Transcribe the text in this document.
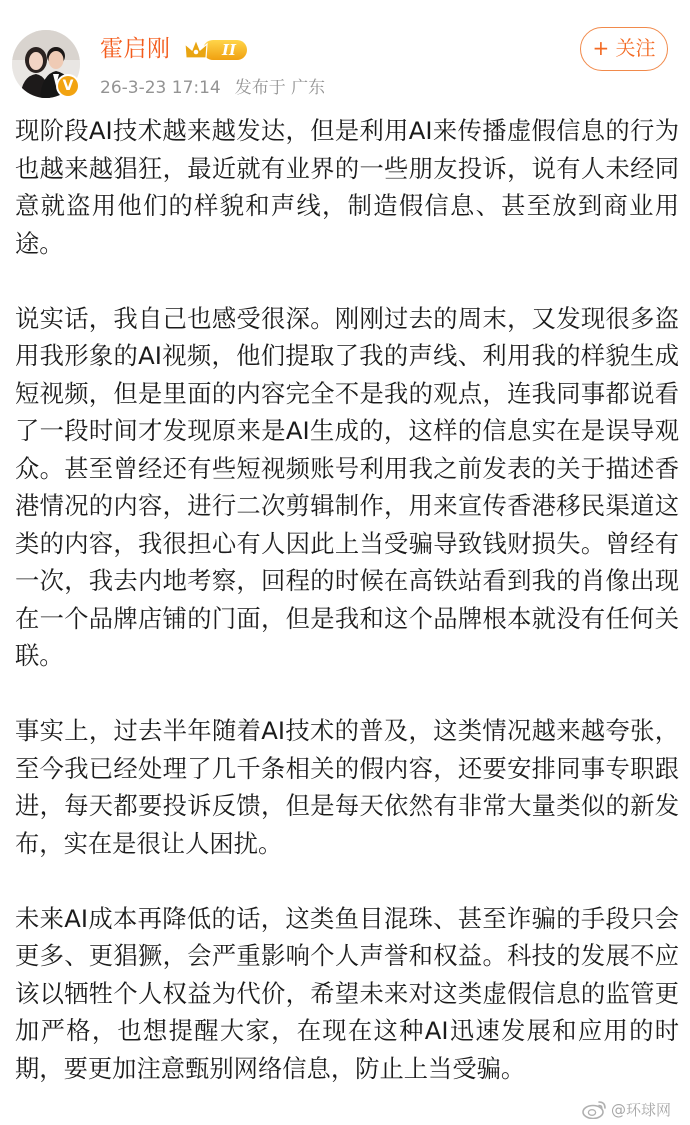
V
霍启刚	II
26-3-23 17:14 发布于 广东
+ 关注

现阶段AI技术越来越发达，但是利用AI来传播虚假信息的行为也越来越猖狂，最近就有业界的一些朋友投诉，说有人未经同意就盗用他们的样貌和声线，制造假信息、甚至放到商业用途。

说实话，我自己也感受很深。刚刚过去的周末，又发现很多盗用我形象的AI视频，他们提取了我的声线、利用我的样貌生成短视频，但是里面的内容完全不是我的观点，连我同事都说看了一段时间才发现原来是AI生成的，这样的信息实在是误导观众。甚至曾经还有些短视频账号利用我之前发表的关于描述香港情况的内容，进行二次剪辑制作，用来宣传香港移民渠道这类的内容，我很担心有人因此上当受骗导致钱财损失。曾经有一次，我去内地考察，回程的时候在高铁站看到我的肖像出现在一个品牌店铺的门面，但是我和这个品牌根本就没有任何关联。

事实上，过去半年随着AI技术的普及，这类情况越来越夸张，至今我已经处理了几千条相关的假内容，还要安排同事专职跟进，每天都要投诉反馈，但是每天依然有非常大量类似的新发布，实在是很让人困扰。

未来AI成本再降低的话，这类鱼目混珠、甚至诈骗的手段只会更多、更猖獗，会严重影响个人声誉和权益。科技的发展不应该以牺牲个人权益为代价，希望未来对这类虚假信息的监管更加严格，也想提醒大家，在现在这种AI迅速发展和应用的时期，要更加注意甄别网络信息，防止上当受骗。

@环球网
